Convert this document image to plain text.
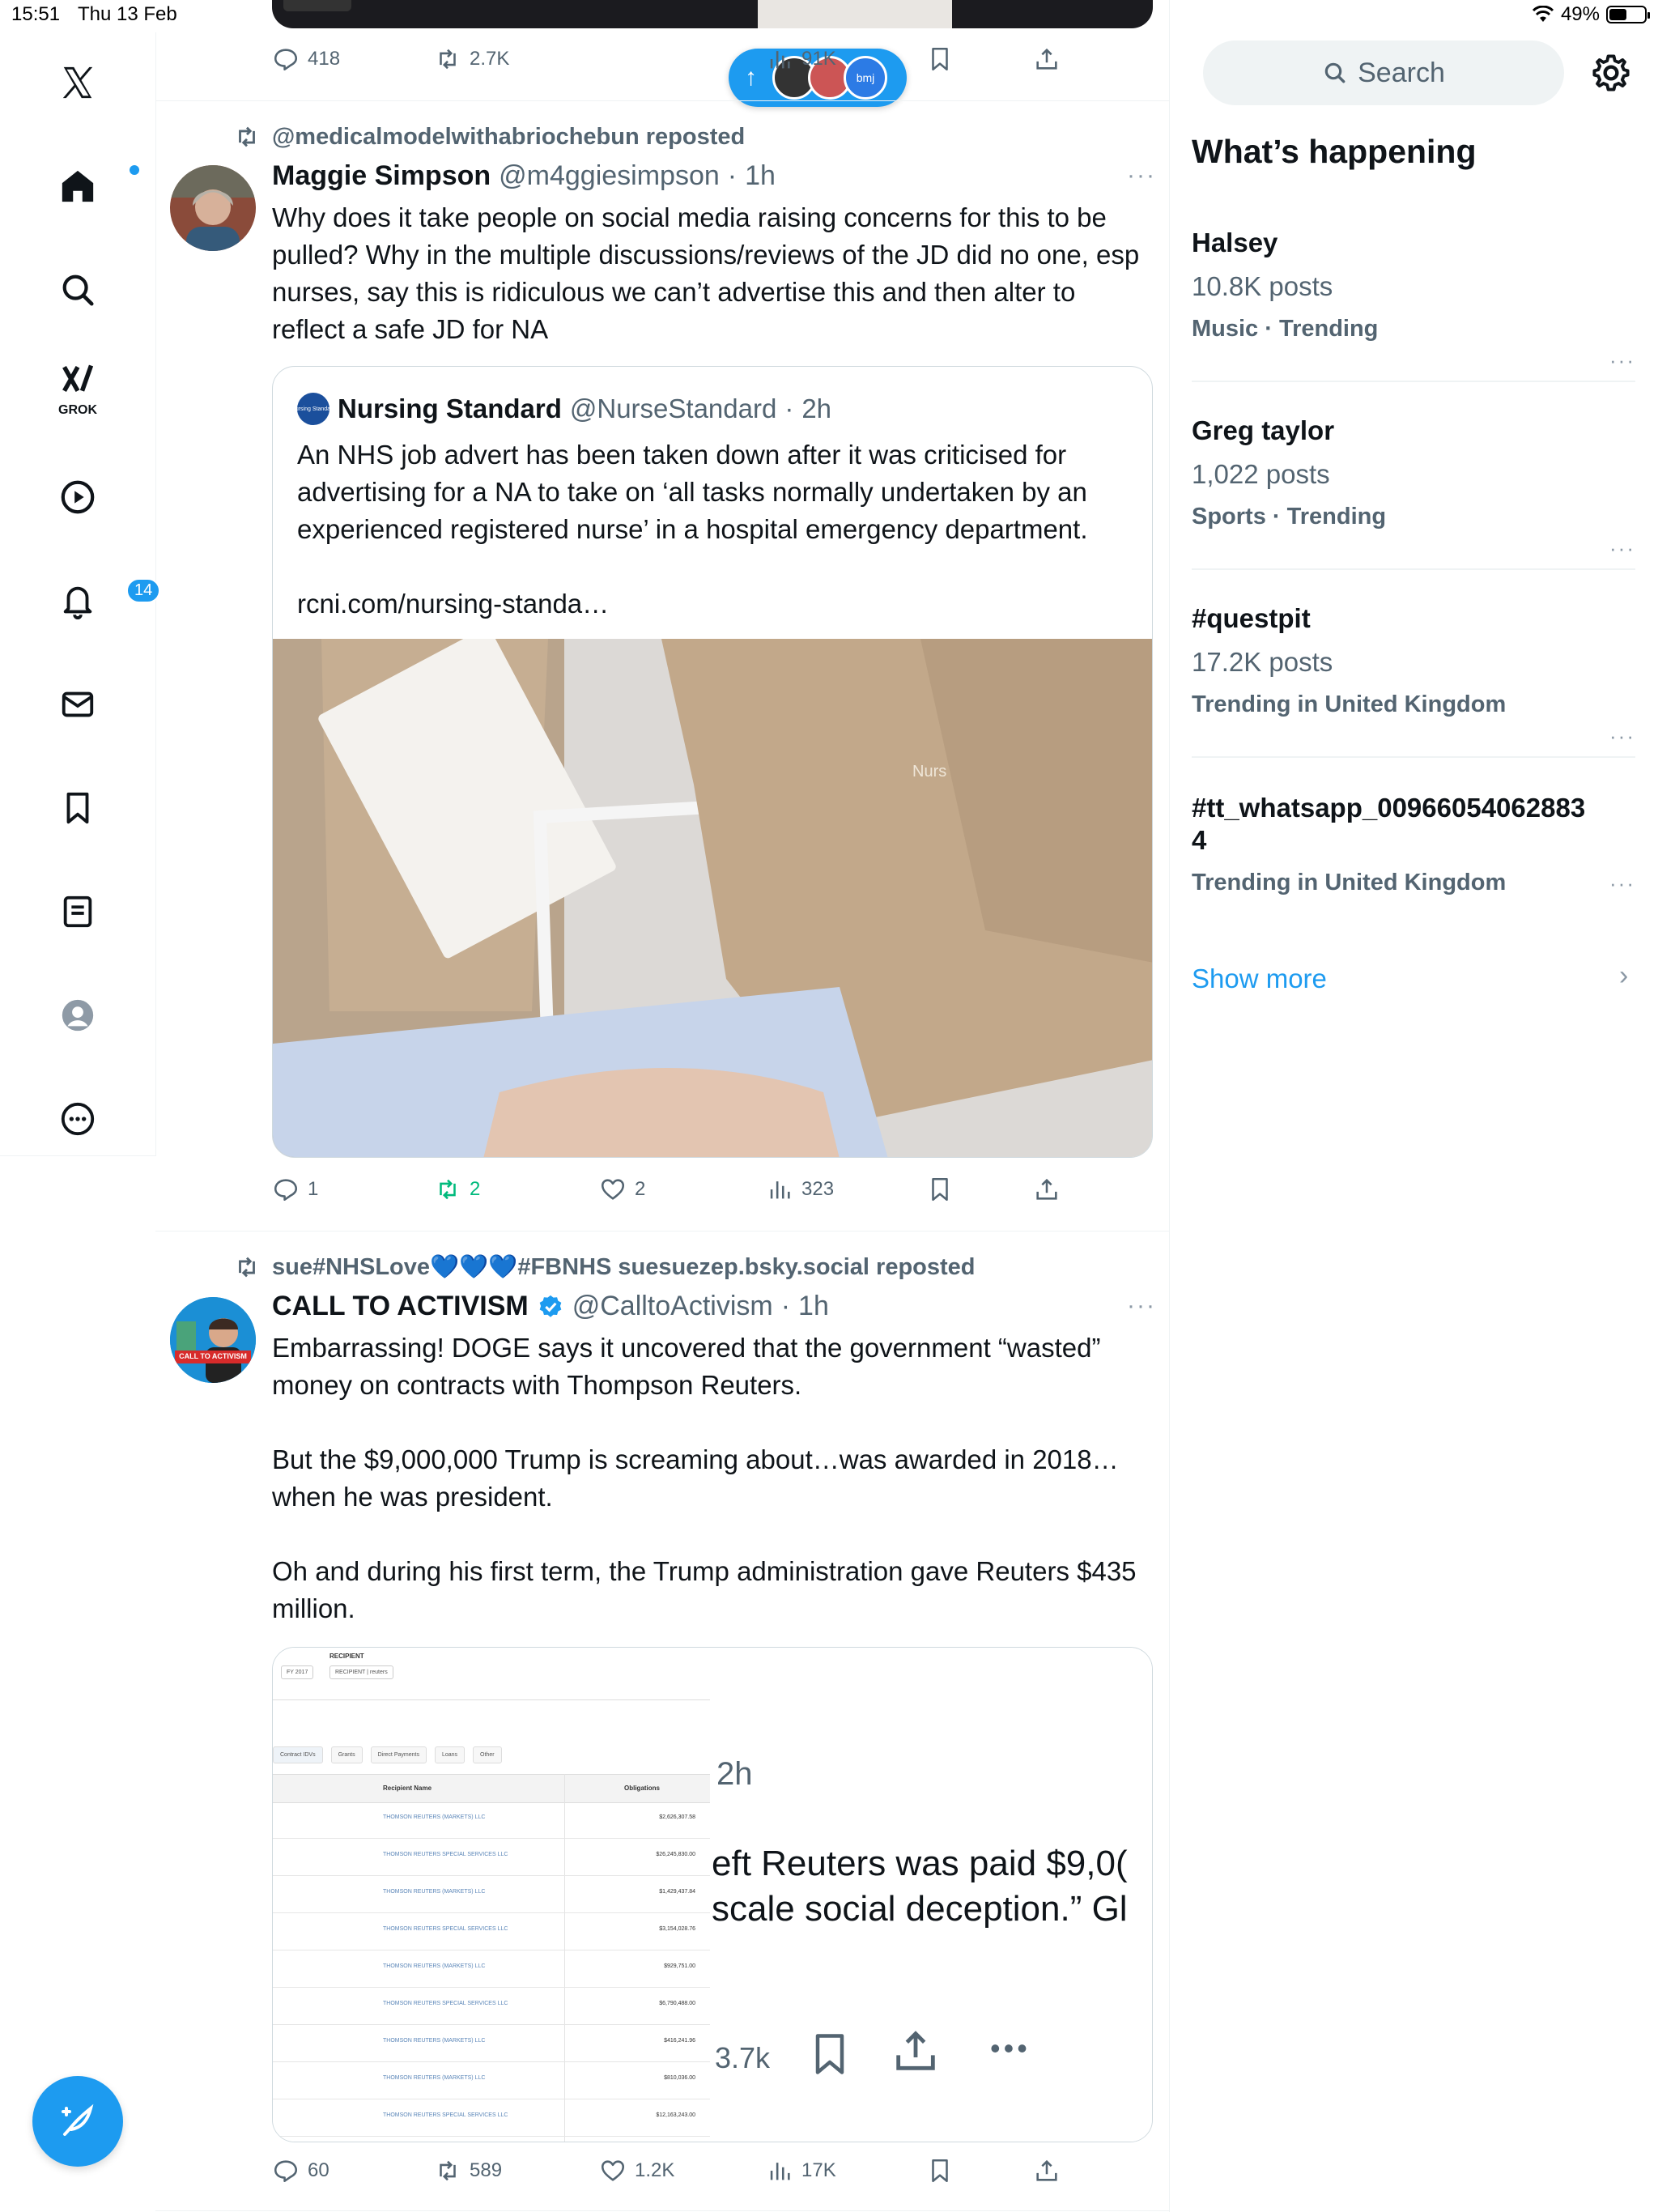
15:51 Thu 13 Feb	49%
GROK
14
418	2.7K
↑	bmj
91K
@medicalmodelwithabriochebun reposted
Maggie Simpson @m4ggiesimpson · 1h	···
Why does it take people on social media raising concerns for this to be pulled? Why in the multiple discussions/reviews of the JD did no one, esp nurses, say this is ridiculous we can’t advertise this and then alter to reflect a safe JD for NA
Nursing Standard Nursing Standard @NurseStandard · 2h
An NHS job advert has been taken down after it was criticised for advertising for a NA to take on ‘all tasks normally undertaken by an experienced registered nurse’ in a hospital emergency department.
rcni.com/nursing-standa…
Nurs
1	2	2	323
sue#NHSLove💙💙💙#FBNHS suesuezep.bsky.social reposted
CALL TO ACTIVISM
CALL TO ACTIVISM @CalltoActivism · 1h	···
Embarrassing! DOGE says it uncovered that the government “wasted” money on contracts with Thompson Reuters.

But the $9,000,000 Trump is screaming about…was awarded in 2018… when he was president.

Oh and during his first term, the Trump administration gave Reuters $435 million.
RECIPIENT
FY 2017	RECIPIENT | reuters
Contract IDVs	Grants	Direct Payments	Loans	Other
Recipient Name	Obligations
THOMSON REUTERS (MARKETS) LLC	$2,626,307.58
THOMSON REUTERS SPECIAL SERVICES LLC	$26,245,830.00
THOMSON REUTERS (MARKETS) LLC	$1,429,437.84
THOMSON REUTERS SPECIAL SERVICES LLC	$3,154,028.76
THOMSON REUTERS (MARKETS) LLC	$929,751.00
THOMSON REUTERS SPECIAL SERVICES LLC	$6,790,488.00
THOMSON REUTERS (MARKETS) LLC	$416,241.96
THOMSON REUTERS (MARKETS) LLC	$810,036.00
THOMSON REUTERS SPECIAL SERVICES LLC	$12,163,243.00
2h
eft Reuters was paid $9,0(
scale social deception.” Gl
3.7k	•••
60	589	1.2K	17K
Search
What’s happening
Halsey
10.8K posts
Music · Trending
···
Greg taylor
1,022 posts
Sports · Trending
···
#questpit
17.2K posts
Trending in United Kingdom
···
#tt_whatsapp_00966054062883
4
Trending in United Kingdom	···
Show more	›
